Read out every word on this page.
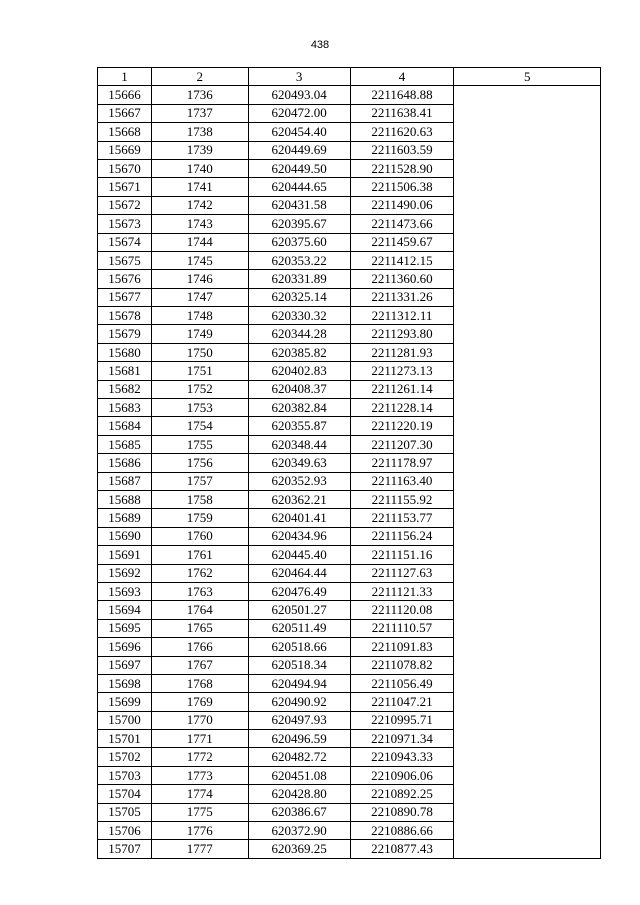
438
1	2	3	4	5
15666	1736	620493.04	2211648.88	
15667	1737	620472.00	2211638.41	
15668	1738	620454.40	2211620.63	
15669	1739	620449.69	2211603.59	
15670	1740	620449.50	2211528.90	
15671	1741	620444.65	2211506.38	
15672	1742	620431.58	2211490.06	
15673	1743	620395.67	2211473.66	
15674	1744	620375.60	2211459.67	
15675	1745	620353.22	2211412.15	
15676	1746	620331.89	2211360.60	
15677	1747	620325.14	2211331.26	
15678	1748	620330.32	2211312.11	
15679	1749	620344.28	2211293.80	
15680	1750	620385.82	2211281.93	
15681	1751	620402.83	2211273.13	
15682	1752	620408.37	2211261.14	
15683	1753	620382.84	2211228.14	
15684	1754	620355.87	2211220.19	
15685	1755	620348.44	2211207.30	
15686	1756	620349.63	2211178.97	
15687	1757	620352.93	2211163.40	
15688	1758	620362.21	2211155.92	
15689	1759	620401.41	2211153.77	
15690	1760	620434.96	2211156.24	
15691	1761	620445.40	2211151.16	
15692	1762	620464.44	2211127.63	
15693	1763	620476.49	2211121.33	
15694	1764	620501.27	2211120.08	
15695	1765	620511.49	2211110.57	
15696	1766	620518.66	2211091.83	
15697	1767	620518.34	2211078.82	
15698	1768	620494.94	2211056.49	
15699	1769	620490.92	2211047.21	
15700	1770	620497.93	2210995.71	
15701	1771	620496.59	2210971.34	
15702	1772	620482.72	2210943.33	
15703	1773	620451.08	2210906.06	
15704	1774	620428.80	2210892.25	
15705	1775	620386.67	2210890.78	
15706	1776	620372.90	2210886.66	
15707	1777	620369.25	2210877.43	
